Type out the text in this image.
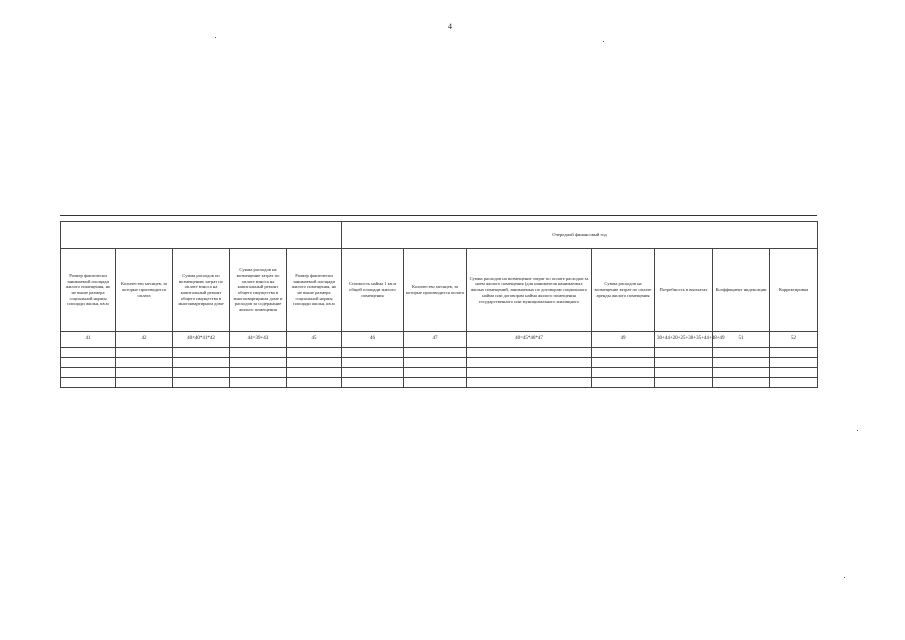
4
					Очередной финансовый год						
Размер фактически занимаемой площади жилого помещения, но не выше размера социальной нормы площади жилья, кв.м	Количество месяцев, за которые производится оплата	Сумма расходов по возмещению затрат по оплате взноса на капитальный ремонт общего имущества в многоквартирном доме	Сумма расходов на возмещение затрат по оплате взноса на капитальный ремонт общего имущества в многоквартирном доме и расходов за содержание жилого помещения	Размер фактически занимаемой площади жилого помещения, но не выше размера социальной нормы площади жилья, кв.м	Стоимость найма 1 кв.м общей площади жилого помещения	Количество месяцев, за которые производится оплата	Сумма расходов на возмещение затрат по оплате расходов за наем жилого помещения (для нанимателя нанимаемых жилых помещений, занимаемых по договорам социального найма или договорам найма жилого помещения государственного или муниципального жилищного	Сумма расходов на возмещение затрат по оплате аренды жилого помещения	Потребность в выплатах	Коэффициент индексации	Корректировка
41	42	40×40*41*42	44=39+43	45	46	47	40=45*46*47	49	30+44+20+25+30+35+44+48+49	51	52
